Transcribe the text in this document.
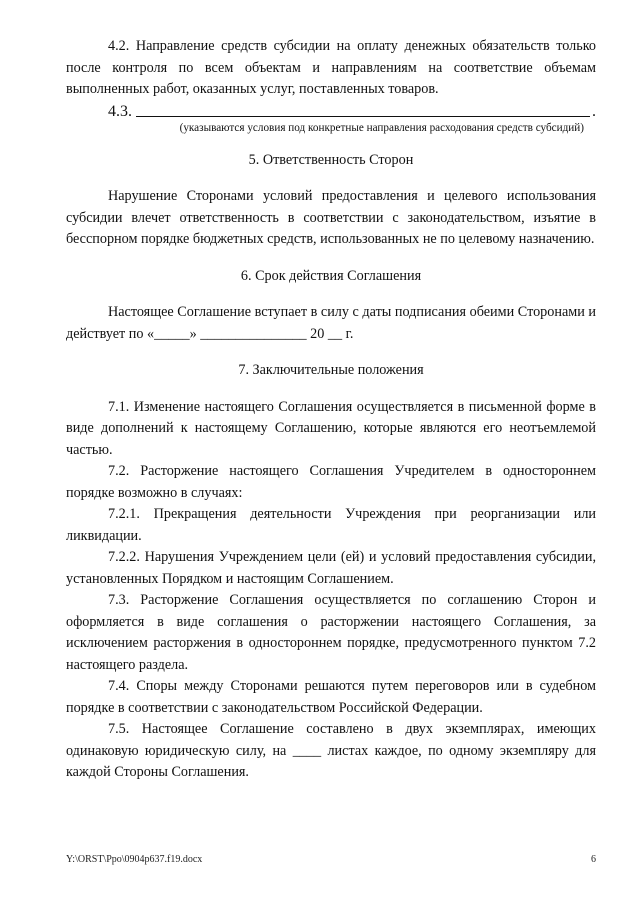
4.2. Направление средств субсидии на оплату денежных обязательств только после контроля по всем объектам и направлениям на соответствие объемам выполненных работ, оказанных услуг, поставленных товаров.

4.3.	.

(указываются условия под конкретные направления расходования средств субсидий)

5. Ответственность Сторон

Нарушение Сторонами условий предоставления и целевого использования субсидии влечет ответственность в соответствии с законодательством, изъятие в бесспорном порядке бюджетных средств, использованных не по целевому назначению.

6. Срок действия Соглашения

Настоящее Соглашение вступает в силу с даты подписания обеими Сторонами и действует по «_____» _______________ 20 __ г.

7. Заключительные положения

7.1. Изменение настоящего Соглашения осуществляется в письменной форме в виде дополнений к настоящему Соглашению, которые являются его неотъемлемой частью.

7.2. Расторжение настоящего Соглашения Учредителем в одностороннем порядке возможно в случаях:

7.2.1. Прекращения деятельности Учреждения при реорганизации или ликвидации.

7.2.2. Нарушения Учреждением цели (ей) и условий предоставления субсидии, установленных Порядком и настоящим Соглашением.

7.3. Расторжение Соглашения осуществляется по соглашению Сторон и оформляется в виде соглашения о расторжении настоящего Соглашения, за исключением расторжения в одностороннем порядке, предусмотренного пунктом 7.2 настоящего раздела.

7.4. Споры между Сторонами решаются путем переговоров или в судебном порядке в соответствии с законодательством Российской Федерации.

7.5. Настоящее Соглашение составлено в двух экземплярах, имеющих одинаковую юридическую силу, на ____ листах каждое, по одному экземпляру для каждой Стороны Соглашения.

Y:\ORST\Ppo\0904p637.f19.docx	6
